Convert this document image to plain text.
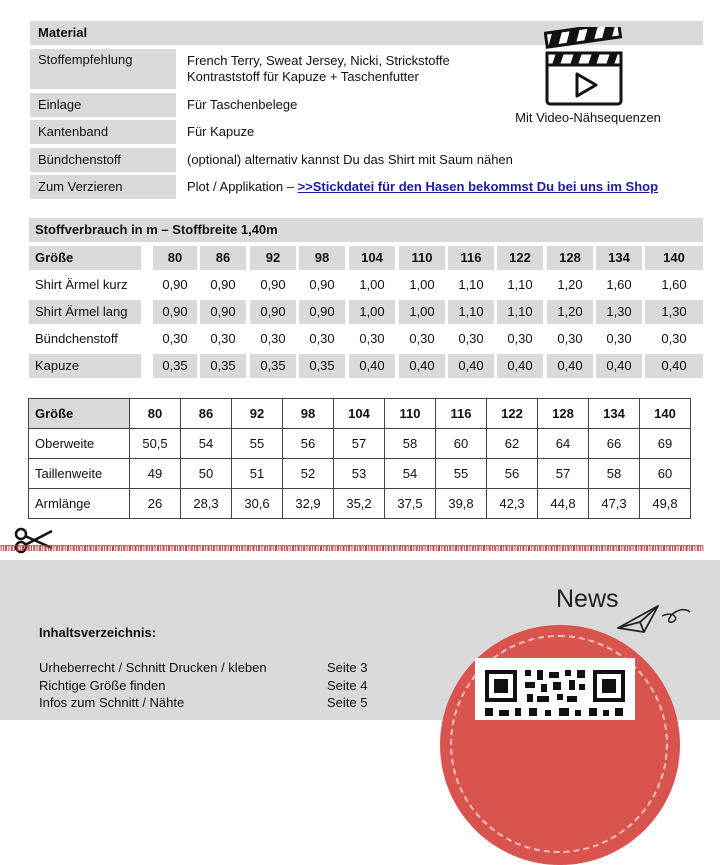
Material
Stoffempfehlung	French Terry, Sweat Jersey, Nicki, Strickstoffe
Kontraststoff für Kapuze + Taschenfutter
Einlage	Für Taschenbelege
Kantenband	Für Kapuze
Bündchenstoff	(optional) alternativ kannst Du das Shirt mit Saum nähen
Zum Verzieren	Plot / Applikation – >>Stickdatei für den Hasen bekommst Du bei uns im Shop
Mit Video-Nähsequenzen
Stoffverbrauch in m – Stoffbreite 1,40m
Größe	80	86	92	98	104	110	116	122	128	134	140
Shirt Ärmel kurz	0,90	0,90	0,90	0,90	1,00	1,00	1,10	1,10	1,20	1,60	1,60
Shirt Ärmel lang	0,90	0,90	0,90	0,90	1,00	1,00	1,10	1,10	1,20	1,30	1,30
Bündchenstoff	0,30	0,30	0,30	0,30	0,30	0,30	0,30	0,30	0,30	0,30	0,30
Kapuze	0,35	0,35	0,35	0,35	0,40	0,40	0,40	0,40	0,40	0,40	0,40
Größe	80	86	92	98	104	110	116	122	128	134	140
Oberweite	50,5	54	55	56	57	58	60	62	64	66	69
Taillenweite	49	50	51	52	53	54	55	56	57	58	60
Armlänge	26	28,3	30,6	32,9	35,2	37,5	39,8	42,3	44,8	47,3	49,8
mmmmmmmmmmmmmmmmmmmmmmmmmmmmmmmmmmmmmmmmmmmmmmmmmmmmmmmmmmmmmmmmmmmmmmmmmmmmmmmmmmmmmmmmmmmmmmmmmmmmmmmmmmmmmmmmmmmmmmmmmmmmm
News
Inhaltsverzeichnis:
Urheberrecht / Schnitt Drucken / kleben	Seite 3
Richtige Größe finden	Seite 4
Infos zum Schnitt / Nähte	Seite 5
